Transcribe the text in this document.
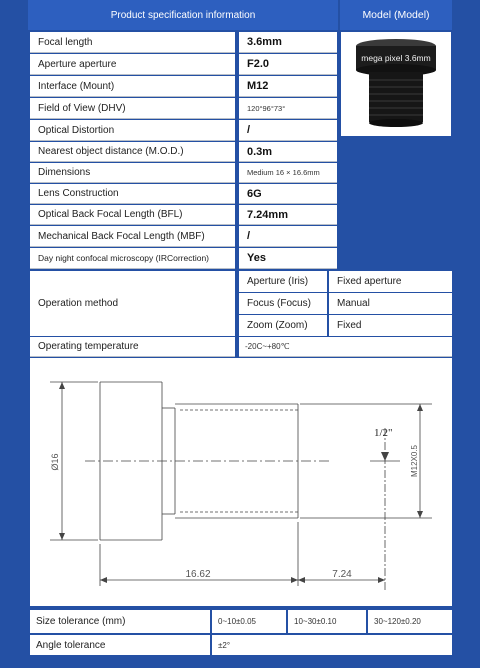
Product specification information	Model (Model)
Focal length	3.6mm
Aperture aperture	F2.0
Interface (Mount)	M12
Field of View (DHV)	120°96°73°
Optical Distortion	/
Nearest object distance (M.O.D.)	0.3m
Dimensions	Medium 16 × 16.6mm
Lens Construction	6G
Optical Back Focal Length (BFL)	7.24mm
Mechanical Back Focal Length (MBF)	/
Day night confocal microscopy (IRCorrection)	Yes
mega pixel 3.6mm
Operation method
Aperture (Iris)	Fixed aperture
Focus (Focus)	Manual
Zoom (Zoom)	Fixed
Operating temperature	-20C~+80℃
Ø16	M12X0.5
1/2"
16.62	7.24
Size tolerance (mm)	0~10±0.05	10~30±0.10	30~120±0.20
Angle tolerance	±2°
